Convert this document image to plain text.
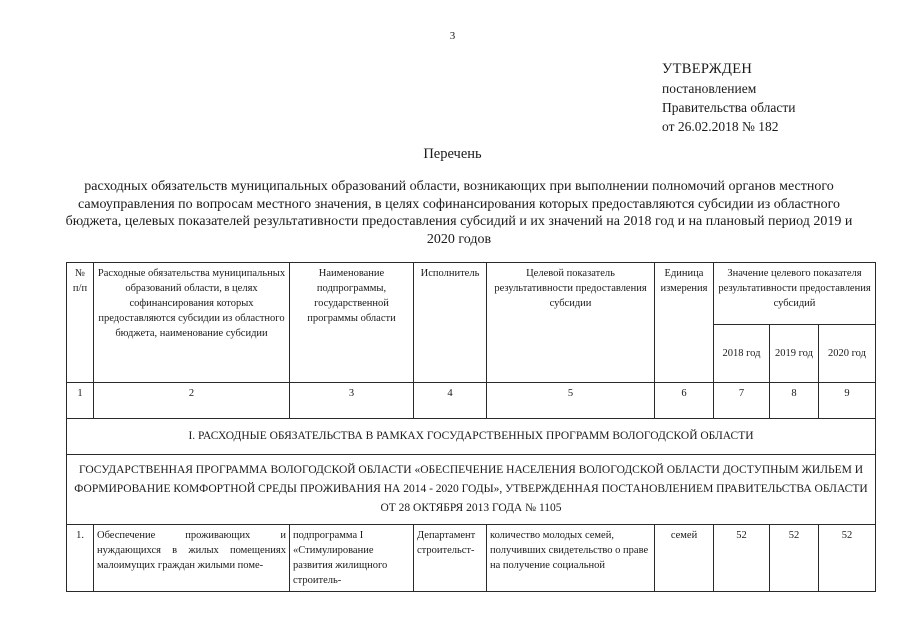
3
УТВЕРЖДЕН
постановлением
Правительства области
от 26.02.2018 № 182
Перечень
расходных обязательств муниципальных образований области, возникающих при выполнении полномочий органов местного самоуправления по вопросам местного значения, в целях софинансирования которых предоставляются субсидии из областного бюджета, целевых показателей результативности предоставления субсидий и их значений на 2018 год и на плановый период 2019 и 2020 годов
№ п/п	Расходные обязательства муниципальных образований области, в целях софинансирования которых предоставляются субсидии из областного бюджета, наименование субсидии	Наименование подпрограммы, государственной программы области	Исполнитель	Целевой показатель результативности предоставления субсидии	Единица измерения	Значение целевого показателя результативности предоставления субсидий		
						2018 год	2019 год	2020 год
1	2	3	4	5	6	7	8	9
I. РАСХОДНЫЕ ОБЯЗАТЕЛЬСТВА В РАМКАХ ГОСУДАРСТВЕННЫХ ПРОГРАММ ВОЛОГОДСКОЙ ОБЛАСТИ								
ГОСУДАРСТВЕННАЯ ПРОГРАММА ВОЛОГОДСКОЙ ОБЛАСТИ «ОБЕСПЕЧЕНИЕ НАСЕЛЕНИЯ ВОЛОГОДСКОЙ ОБЛАСТИ ДОСТУПНЫМ ЖИЛЬЕМ И ФОРМИРОВАНИЕ КОМФОРТНОЙ СРЕДЫ ПРОЖИВАНИЯ НА 2014 - 2020 ГОДЫ», УТВЕРЖДЕННАЯ ПОСТАНОВЛЕНИЕМ ПРАВИТЕЛЬСТВА ОБЛАСТИ ОТ 28 ОКТЯБРЯ 2013 ГОДА № 1105								
1.	Обеспечение проживающих и нуждающихся в жилых помещениях малоимущих граждан жилыми поме-	подпрограмма I «Стимулирование развития жилищного строитель-	Департамент строительст-	количество молодых семей, получивших свидетельство о праве на получение социальной	семей	52	52	52
